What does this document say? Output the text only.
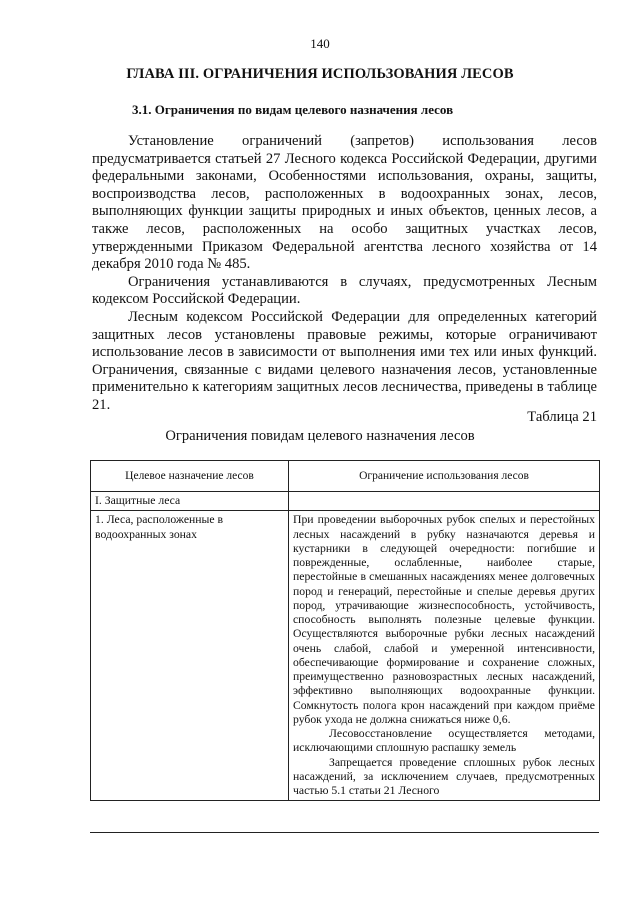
140
ГЛАВА III. ОГРАНИЧЕНИЯ ИСПОЛЬЗОВАНИЯ ЛЕСОВ
3.1. Ограничения по видам целевого назначения лесов

Установление ограничений (запретов) использования лесов предусматривается статьей 27 Лесного кодекса Российской Федерации, другими федеральными законами, Особенностями использования, охраны, защиты, воспроизводства лесов, расположенных в водоохранных зонах, лесов, выполняющих функции защиты природных и иных объектов, ценных лесов, а также лесов, расположенных на особо защитных участках лесов, утвержденными Приказом Федеральной агентства лесного хозяйства от 14 декабря 2010 года № 485.

Ограничения устанавливаются в случаях, предусмотренных Лесным кодексом Российской Федерации.

Лесным кодексом Российской Федерации для определенных категорий защитных лесов установлены правовые режимы, которые ограничивают использование лесов в зависимости от выполнения ими тех или иных функций. Ограничения, связанные с видами целевого назначения лесов, установленные применительно к категориям защитных лесов лесничества, приведены в таблице 21.

Таблица 21
Ограничения повидам целевого назначения лесов
Целевое назначение лесов	Ограничение использования лесов
I. Защитные леса	
1. Леса, расположенные в водоохранных зонах	При проведении выборочных рубок спелых и перестойных лесных насаждений в рубку назначаются деревья и кустарники в следующей очередности: погибшие и поврежденные, ослабленные, наиболее старые, перестойные в смешанных насаждениях менее долговечных пород и генераций, перестойные и спелые деревья других пород, утрачивающие жизнеспособность, устойчивость, способность выполнять полезные целевые функции. Осуществляются выборочные рубки лесных насаждений очень слабой, слабой и умеренной интенсивности, обеспечивающие формирование и сохранение сложных, преимущественно разновозрастных лесных насаждений, эффективно выполняющих водоохранные функции. Сомкнутость полога крон насаждений при каждом приёме рубок ухода не должна снижаться ниже 0,6.

Лесовосстановление осуществляется методами, исключающими сплошную распашку земель

Запрещается проведение сплошных рубок лесных насаждений, за исключением случаев, предусмотренных частью 5.1 статьи 21 Лесного
